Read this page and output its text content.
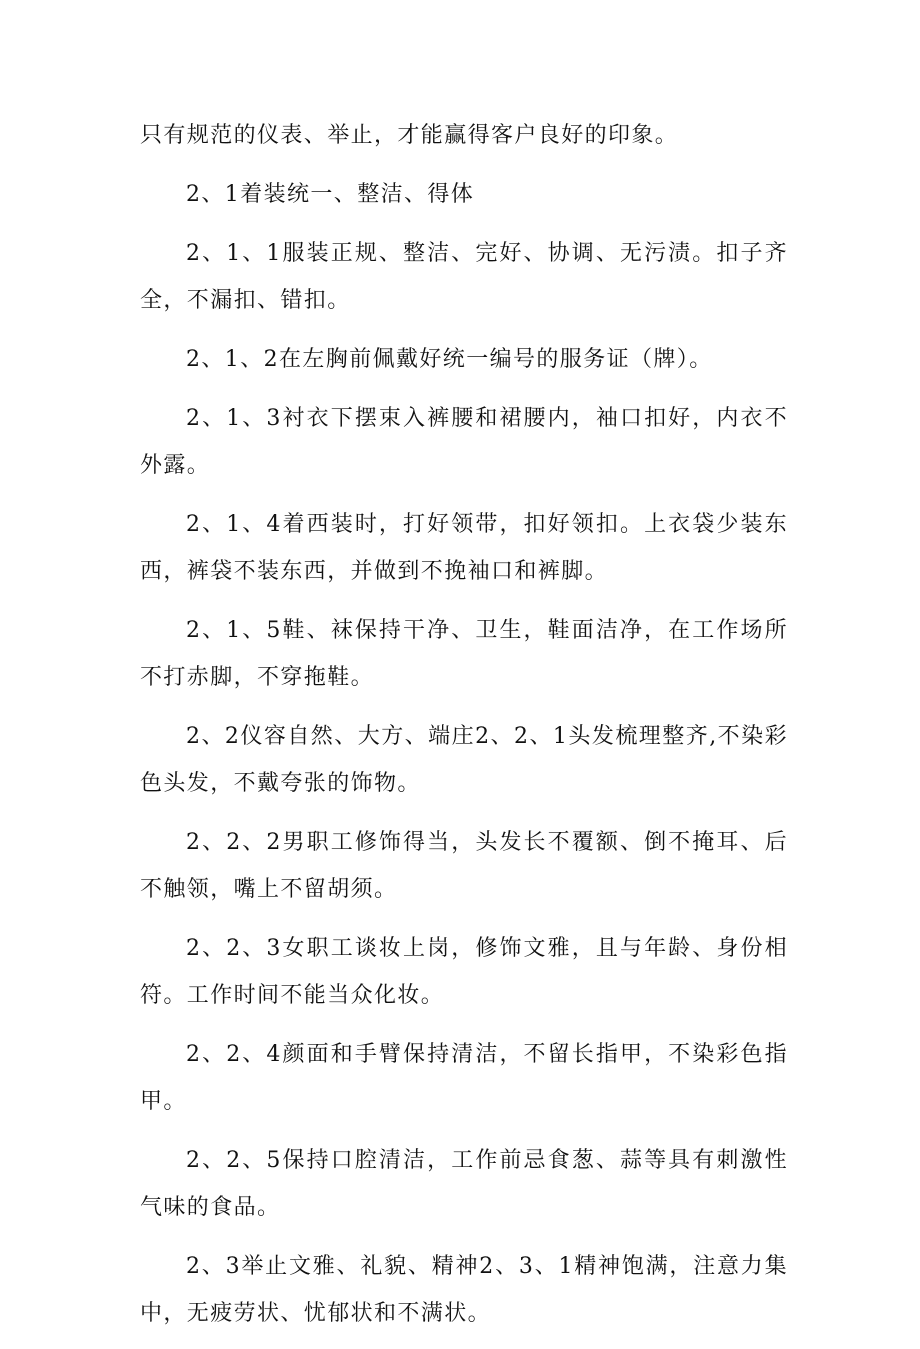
只有规范的仪表、举止，才能赢得客户良好的印象。

2、1着装统一、整洁、得体

2、1、1服装正规、整洁、完好、协调、无污渍。扣子齐全，不漏扣、错扣。

2、1、2在左胸前佩戴好统一编号的服务证（牌）。

2、1、3衬衣下摆束入裤腰和裙腰内，袖口扣好，内衣不外露。

2、1、4着西装时，打好领带，扣好领扣。上衣袋少装东西，裤袋不装东西，并做到不挽袖口和裤脚。

2、1、5鞋、袜保持干净、卫生，鞋面洁净，在工作场所不打赤脚，不穿拖鞋。

2、2仪容自然、大方、端庄2、2、1头发梳理整齐,不染彩色头发，不戴夸张的饰物。

2、2、2男职工修饰得当，头发长不覆额、倒不掩耳、后不触领，嘴上不留胡须。

2、2、3女职工谈妆上岗，修饰文雅，且与年龄、身份相符。工作时间不能当众化妆。

2、2、4颜面和手臂保持清洁，不留长指甲，不染彩色指甲。

2、2、5保持口腔清洁，工作前忌食葱、蒜等具有刺激性气味的食品。

2、3举止文雅、礼貌、精神2、3、1精神饱满，注意力集中，无疲劳状、忧郁状和不满状。
